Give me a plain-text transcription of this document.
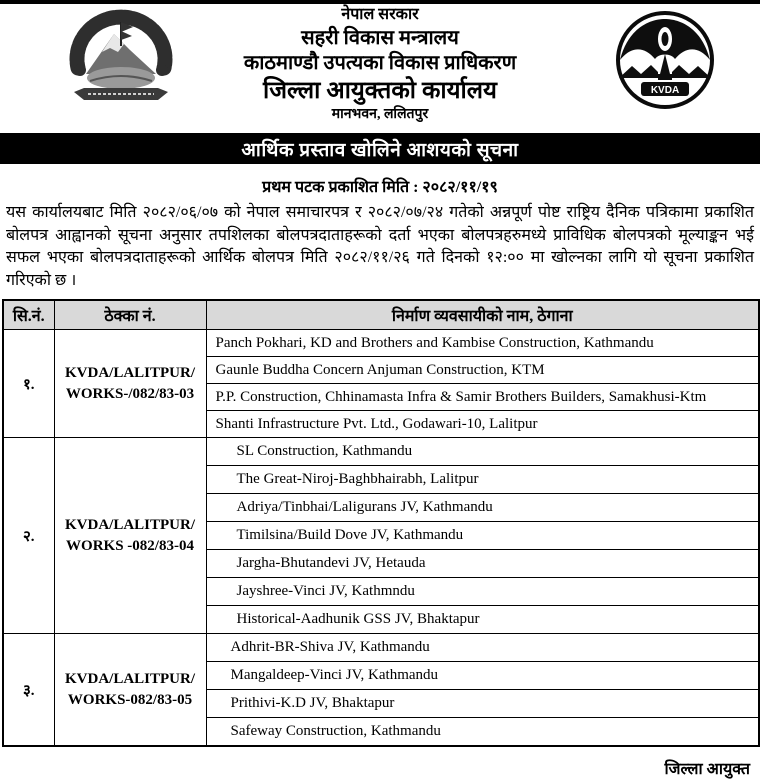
KVDA
नेपाल सरकार
सहरी विकास मन्त्रालय
काठमाण्डौ उपत्यका विकास प्राधिकरण
जिल्ला आयुक्तको कार्यालय
मानभवन, ललितपुर
आर्थिक प्रस्ताव खोलिने आशयको सूचना
प्रथम पटक प्रकाशित मिति : २०८२/११/१९
यस कार्यालयबाट मिति २०८२/०६/०७ को नेपाल समाचारपत्र र २०८२/०७/२४ गतेको अन्नपूर्ण पोष्ट राष्ट्रिय दैनिक पत्रिकामा प्रकाशित बोलपत्र आह्वानको सूचना अनुसार तपशिलका बोलपत्रदाताहरूको दर्ता भएका बोलपत्रहरुमध्ये प्राविधिक बोलपत्रको मूल्याङ्कन भई सफल भएका बोलपत्रदाताहरूको आर्थिक बोलपत्र मिति २०८२/११/२६ गते दिनको १२:०० मा खोल्नका लागि यो सूचना प्रकाशित गरिएको छ ।
सि.नं.	ठेक्का नं.	निर्माण व्यवसायीको नाम, ठेगाना
१.	KVDA/LALITPUR/ WORKS-/082/83-03	Panch Pokhari, KD and Brothers and Kambise Construction, Kathmandu
		Gaunle Buddha Concern Anjuman Construction, KTM
		P.P. Construction, Chhinamasta Infra & Samir Brothers Builders, Samakhusi-Ktm
		Shanti Infrastructure Pvt. Ltd., Godawari-10, Lalitpur
२.	KVDA/LALITPUR/ WORKS -082/83-04	SL Construction, Kathmandu
		The Great-Niroj-Baghbhairabh, Lalitpur
		Adriya/Tinbhai/Laligurans JV, Kathmandu
		Timilsina/Build Dove JV, Kathmandu
		Jargha-Bhutandevi JV, Hetauda
		Jayshree-Vinci JV, Kathmndu
		Historical-Aadhunik GSS JV, Bhaktapur
३.	KVDA/LALITPUR/ WORKS-082/83-05	Adhrit-BR-Shiva JV, Kathmandu
		Mangaldeep-Vinci JV, Kathmandu
		Prithivi-K.D JV, Bhaktapur
		Safeway Construction, Kathmandu
जिल्ला आयुक्त
